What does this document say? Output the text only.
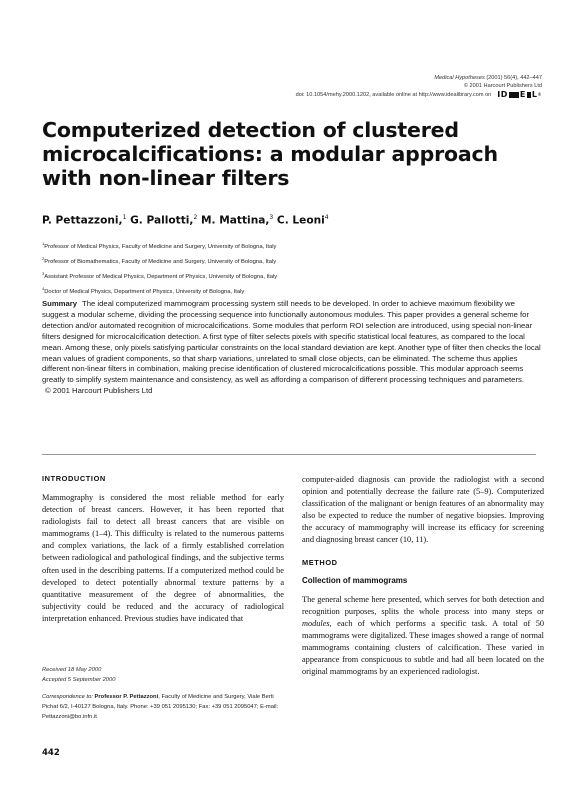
Medical Hypotheses (2001) 56(4), 442–447
© 2001 Harcourt Publishers Ltd
doi: 10.1054/mehy.2000.1202, available online at http://www.idealibrary.com on ID E L ®
Computerized detection of clustered microcalcifications: a modular approach with non-linear filters
P. Pettazzoni,$^1$ G. Pallotti,$^2$ M. Mattina,$^3$ C. Leoni$^4$
$^1$Professor of Medical Physics, Faculty of Medicine and Surgery, University of Bologna, Italy
$^2$Professor of Biomathematics, Faculty of Medicine and Surgery, University of Bologna, Italy
$^3$Assistant Professor of Medical Physics, Department of Physics, University of Bologna, Italy
$^4$Doctor of Medical Physics, Department of Physics, University of Bologna, Italy
Summary The ideal computerized mammogram processing system still needs to be developed. In order to achieve maximum flexibility we suggest a modular scheme, dividing the processing sequence into functionally autonomous modules. This paper provides a general scheme for detection and/or automated recognition of microcalcifications. Some modules that perform ROI selection are introduced, using special non-linear filters designed for microcalcification detection. A first type of filter selects pixels with specific statistical local features, as compared to the local mean. Among these, only pixels satisfying particular constraints on the local standard deviation are kept. Another type of filter then checks the local mean values of gradient components, so that sharp variations, unrelated to small close objects, can be eliminated. The scheme thus applies different non-linear filters in combination, making precise identification of clustered microcalcifications possible. This modular approach seems greatly to simplify system maintenance and consistency, as well as affording a comparison of different processing techniques and parameters.
© 2001 Harcourt Publishers Ltd
INTRODUCTION

Mammography is considered the most reliable method for early detection of breast cancers. However, it has been reported that radiologists fail to detect all breast cancers that are visible on mammograms (1–4). This difficulty is related to the numerous patterns and complex variations, the lack of a firmly established correlation between radiological and pathological findings, and the subjective terms often used in the describing patterns. If a computerized method could be developed to detect potentially abnormal texture patterns by a quantitative measurement of the degree of abnormalities, the subjectivity could be reduced and the accuracy of radiological interpretation enhanced. Previous studies have indicated that

computer-aided diagnosis can provide the radiologist with a second opinion and potentially decrease the failure rate (5–9). Computerized classification of the malignant or benign features of an abnormality may also be expected to reduce the number of negative biopsies. Improving the accuracy of mammography will increase its efficacy for screening and diagnosing breast cancer (10, 11).

METHOD
Collection of mammograms

The general scheme here presented, which serves for both detection and recognition purposes, splits the whole process into many steps or modules, each of which performs a specific task. A total of 50 mammograms were digitalized. These images showed a range of normal mammograms containing clusters of calcification. These varied in appearance from conspicuous to subtle and had all been located on the original mammograms by an experienced radiologist.

Received 18 May 2000
Accepted 5 September 2000
Correspondence to: Professor P. Pettazzoni, Faculty of Medicine and Surgery, Viale Berti Pichat 6/2, I-40127 Bologna, Italy. Phone: +39 051 2095130; Fax: +39 051 2095047; E-mail: Pettazzoni@bo.infn.it
442
